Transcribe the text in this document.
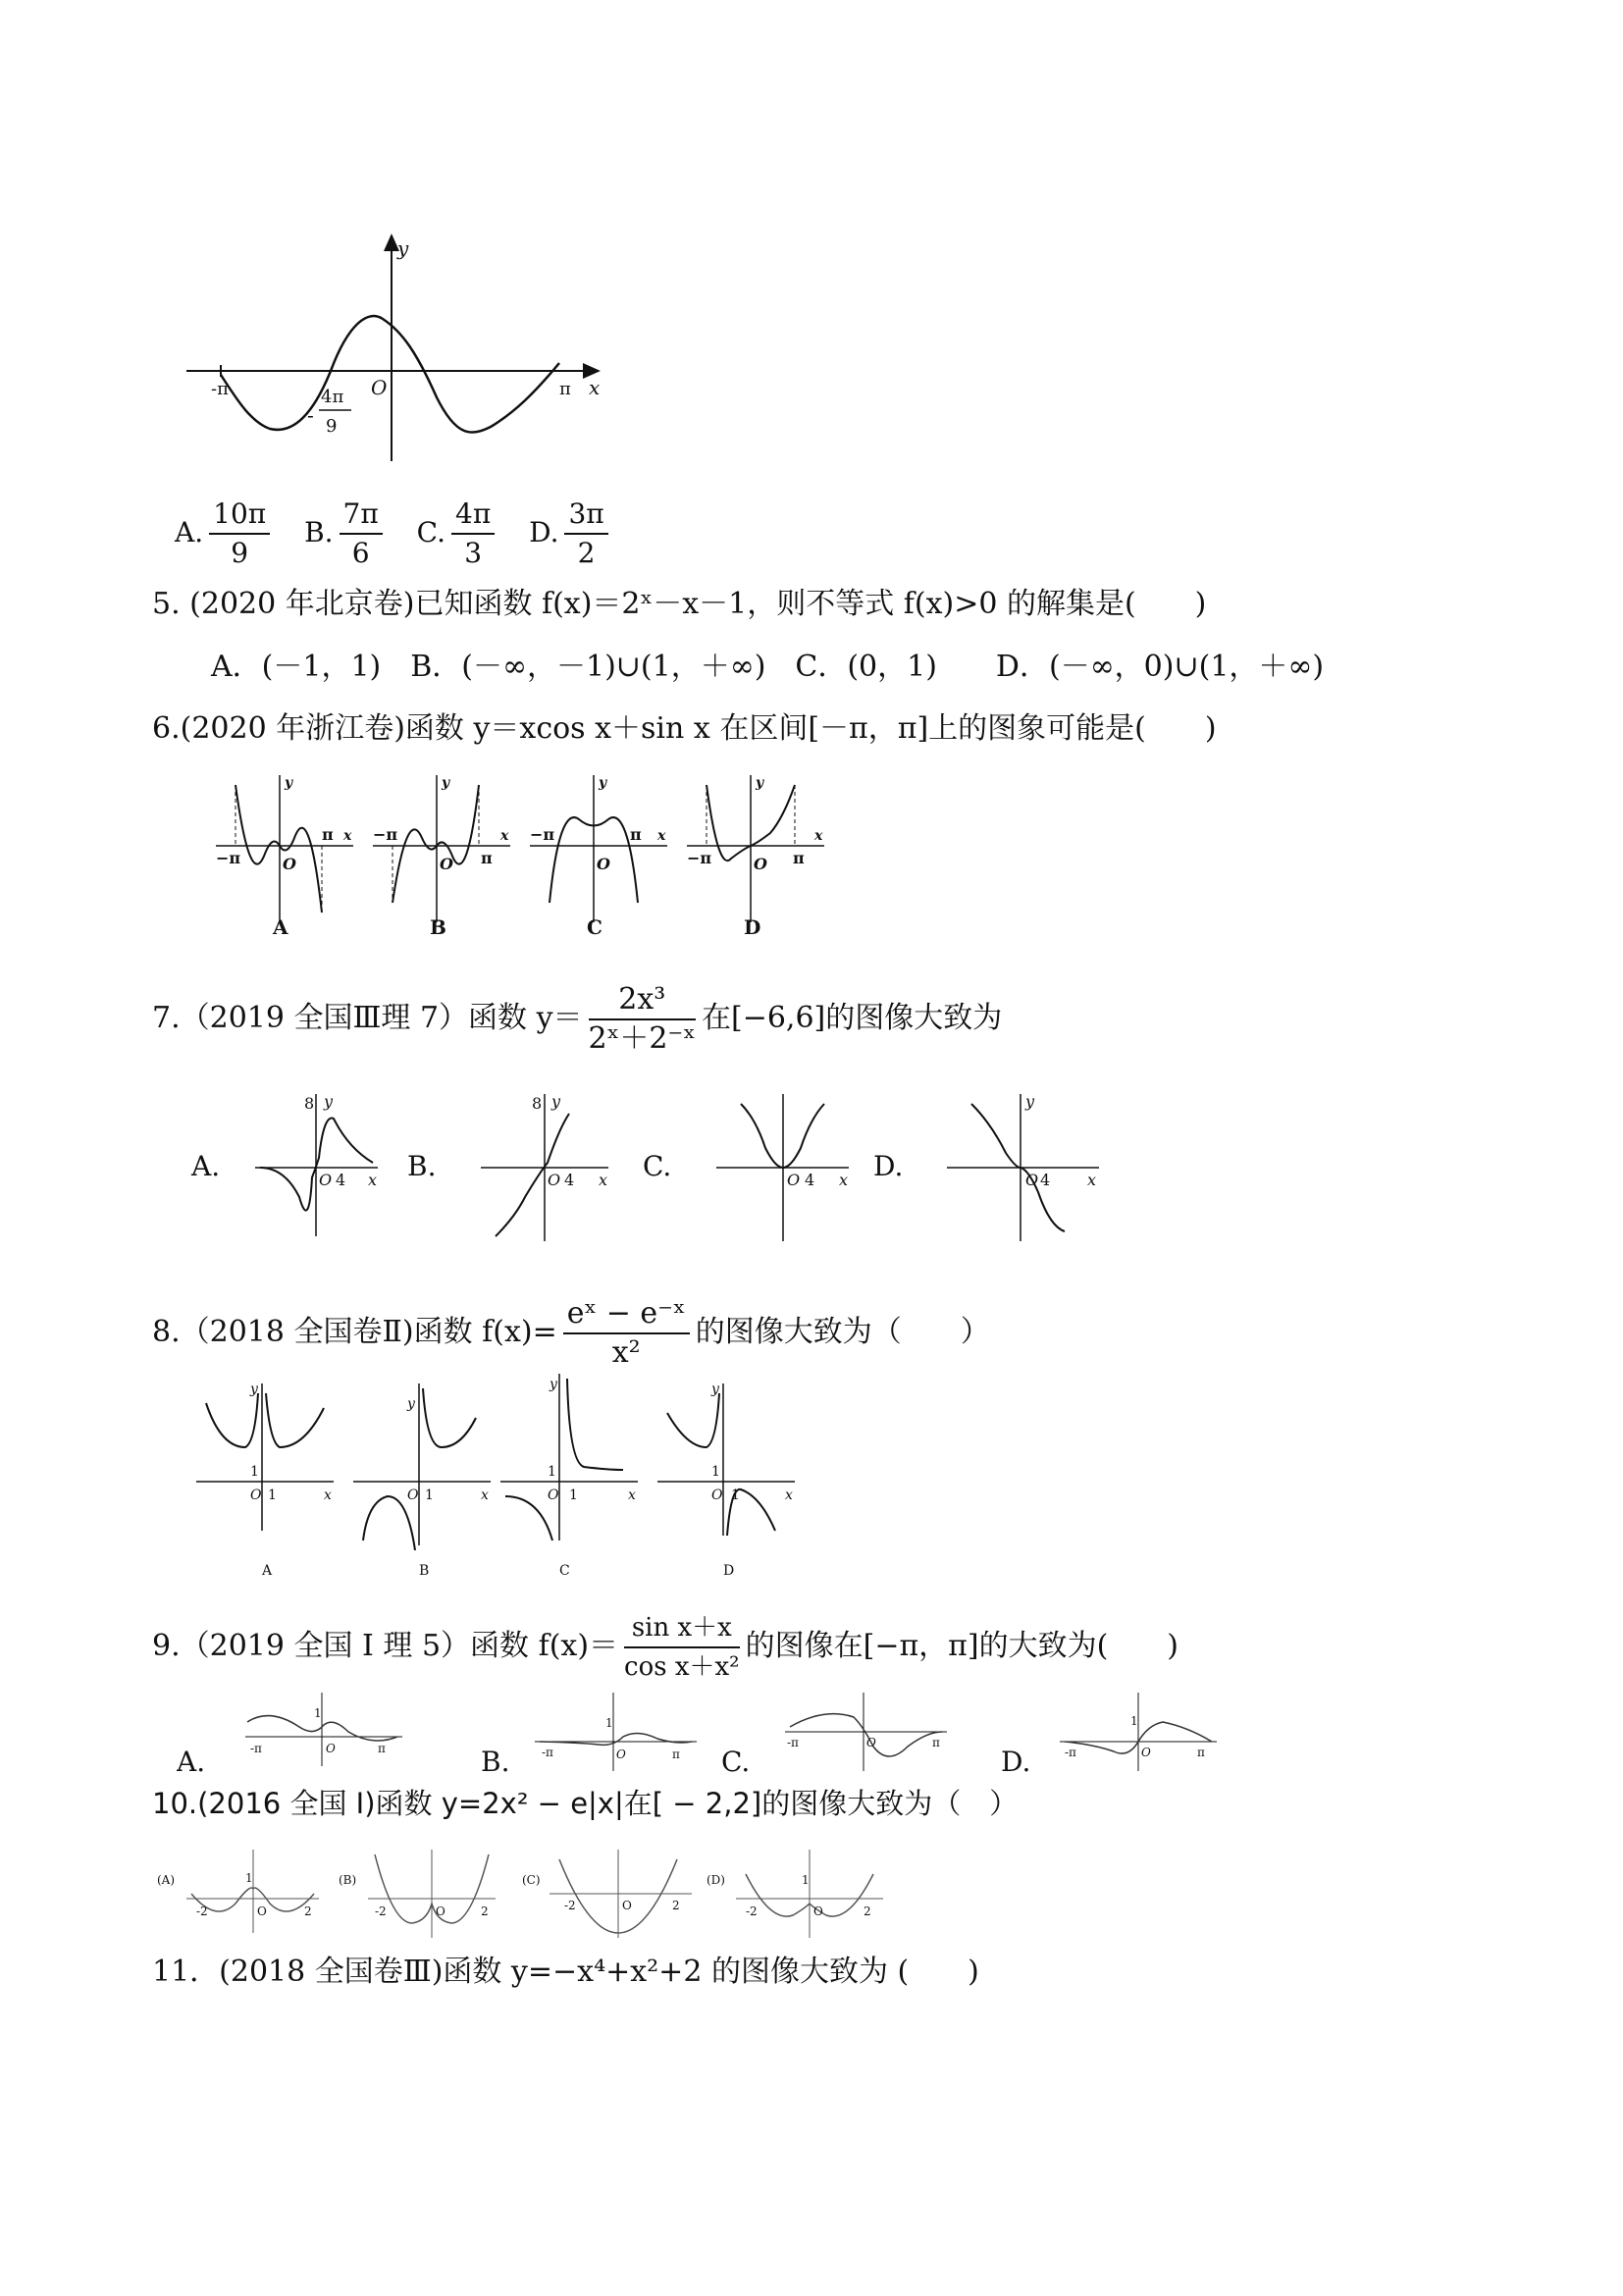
y
x
O
-π	π
-
4π
9
A. $\frac{10\pi}{9} B$. $\frac{7\pi}{6} C$. $\frac{4\pi}{3} D$. $\frac{3\pi}{2}$
5. (2020 年北京卷)已知函数 f(x)＝2ˣ－x－1，则不等式 f(x)>0 的解集是(　　)
A．(－1，1)　B．(－∞，－1)∪(1，＋∞)　C．(0，1)　　D．(－∞，0)∪(1，＋∞)
6.(2020 年浙江卷)函数 y＝xcos x＋sin x 在区间[－π，π]上的图象可能是(　　)
−π
π
O
x
y
A
−π
π
O
x
y
B
−π	π
O
x
y
C
−π	π
O
x
y
D
7.（2019 全国Ⅲ理 7）函数 $y= \frac{\text{2x³}}{\text{2ˣ＋2⁻ˣ}}$ 在[−6,6]的图像大致为
A.
8 y
O 4 x B.
8 y
O 4 x C.	O 4 x D.
y
O 4 x
8.（2018 全国卷Ⅱ)函数 $f(x)= \frac{\text{eˣ − e⁻ˣ}}{\text{x²}}$ 的图像大致为（　　）
1
O 1	x
y
A
O 1	x
y
B
1
O 1	x
y
C
1
O 1	x
y
D
9.（2019 全国 Ⅰ 理 5）函数 $f(x)= \frac{\text{sin x＋x}}{\text{cos x＋x²}}$ 的图像在[−π，π]的大致为(　　)
A.	-π	O	π
1
B.	-π	O	π
1
C.
-π	O	π
D.	-π	O	π
1
10.(2016 全国 I)函数 y=2x² − e|x|在[ − 2,2]的图像大致为（　）
(A)
-2	O	2
1	(B)
-2	O	2
(C)
-2	O	2
(D)
-2	O	2
1
11．(2018 全国卷Ⅲ)函数 y=−x⁴+x²+2 的图像大致为 (　　)
